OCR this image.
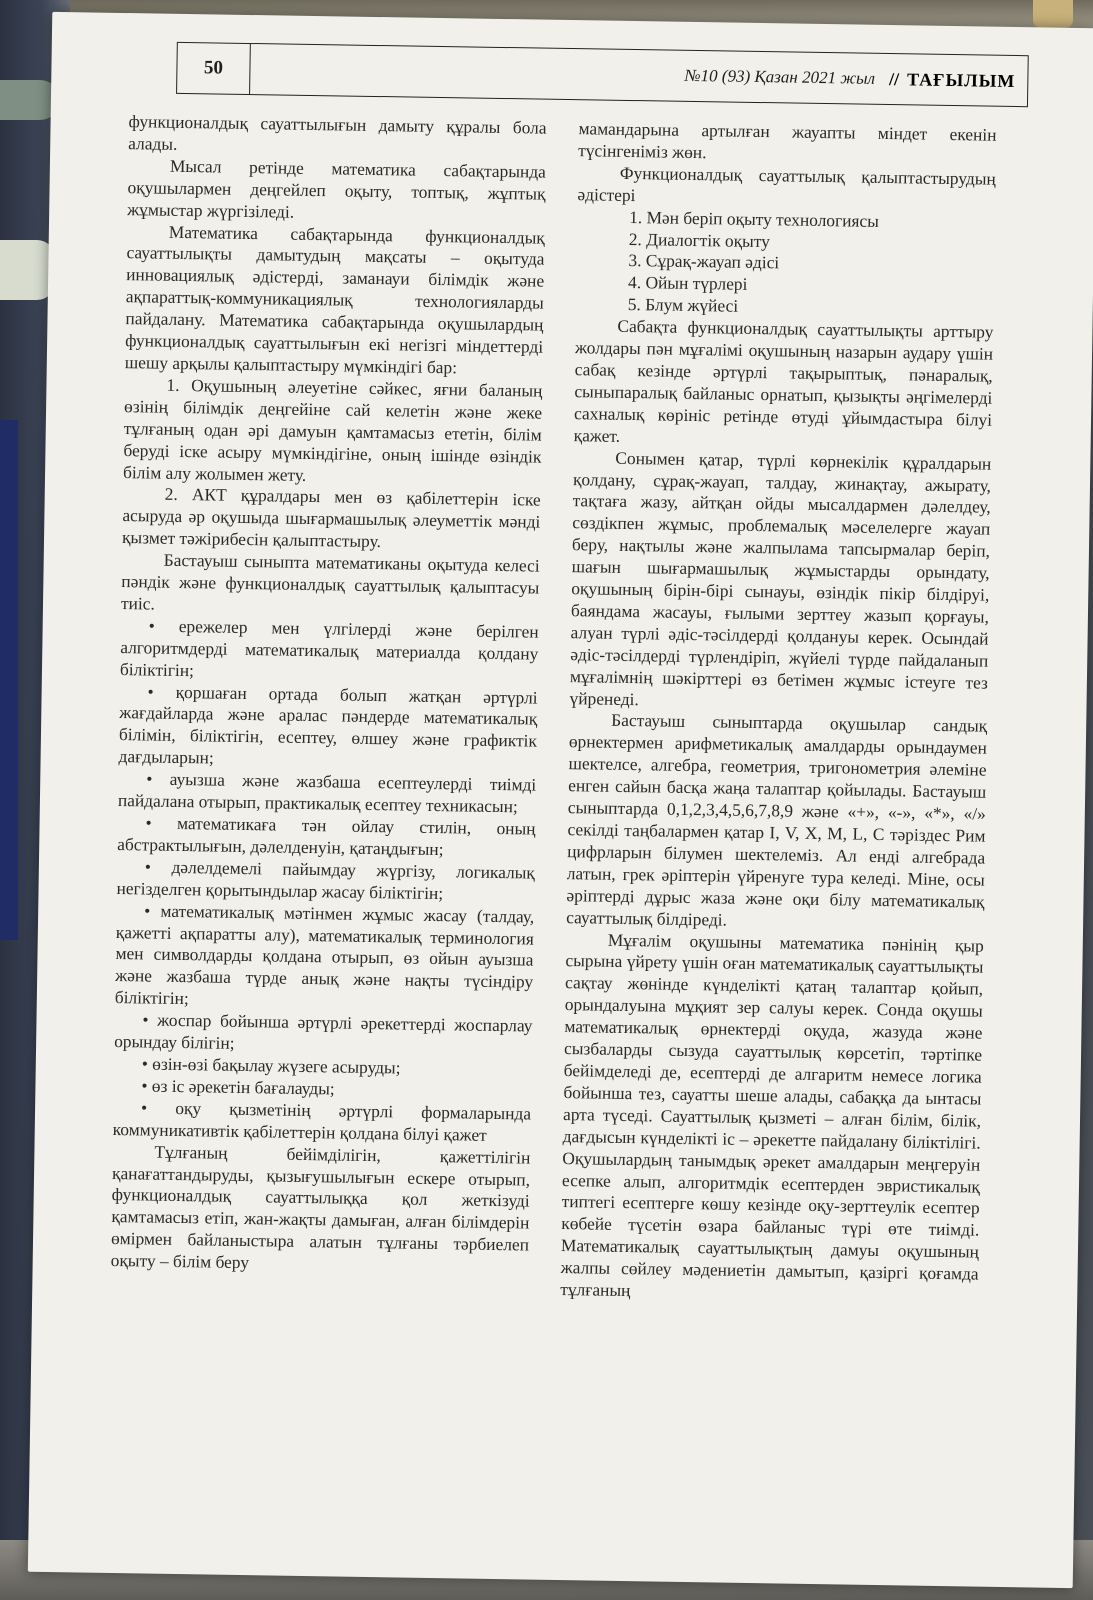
50	№10 (93) Қазан 2021 жыл // ТАҒЫЛЫМ

функционалдық сауаттылығын дамыту құралы бола алады.

Мысал ретінде математика сабақтарында оқушылармен деңгейлеп оқыту, топтық, жұптық жұмыстар жүргізіледі.

Математика сабақтарында функционалдық сауаттылықты дамытудың мақсаты – оқытуда инновациялық әдістерді, заманауи білімдік және ақпараттық-коммуникациялық технологияларды пайдалану. Математика сабақтарында оқушылардың функционалдық сауаттылығын екі негізгі міндеттерді шешу арқылы қалыптастыру мүмкіндігі бар:

1. Оқушының әлеуетіне сәйкес, яғни баланың өзінің білімдік деңгейіне сай келетін және жеке тұлғаның одан әрі дамуын қамтамасыз ететін, білім беруді іске асыру мүмкіндігіне, оның ішінде өзіндік білім алу жолымен жету.

2. АКТ құралдары мен өз қабілеттерін іске асыруда әр оқушыда шығармашылық әлеуметтік мәнді қызмет тәжірибесін қалыптастыру.

Бастауыш сыныпта математиканы оқытуда келесі пәндік және функционалдық сауаттылық қалыптасуы тиіс.

• ережелер мен үлгілерді және берілген алгоритмдерді математикалық материалда қолдану біліктігін;

• қоршаған ортада болып жатқан әртүрлі жағдайларда және аралас пәндерде математикалық білімін, біліктігін, есептеу, өлшеу және графиктік дағдыларын;

• ауызша және жазбаша есептеулерді тиімді пайдалана отырып, практикалық есептеу техникасын;

• математикаға тән ойлау стилін, оның абстрактылығын, дәлелденуін, қатаңдығын;

• дәлелдемелі пайымдау жүргізу, логикалық негізделген қорытындылар жасау біліктігін;

• математикалық мәтінмен жұмыс жасау (талдау, қажетті ақпаратты алу), математикалық терминология мен символдарды қолдана отырып, өз ойын ауызша және жазбаша түрде анық және нақты түсіндіру біліктігін;

• жоспар бойынша әртүрлі әрекеттерді жоспарлау орындау білігін;

• өзін-өзі бақылау жүзеге асыруды;

• өз іс әрекетін бағалауды;

• оқу қызметінің әртүрлі формаларында коммуникативтік қабілеттерін қолдана білуі қажет

Тұлғаның бейімділігін, қажеттілігін қанағаттандыруды, қызығушылығын ескере отырып, функционалдық сауаттылыққа қол жеткізуді қамтамасыз етіп, жан-жақты дамыған, алған білімдерін өмірмен байланыстыра алатын тұлғаны тәрбиелеп оқыту – білім беру

мамандарына артылған жауапты міндет екенін түсінгеніміз жөн.

Функционалдық сауаттылық қалыптастырудың әдістері

1. Мән беріп оқыту технологиясы

2. Диалогтік оқыту

3. Сұрақ-жауап әдісі

4. Ойын түрлері

5. Блум жүйесі

Сабақта функционалдық сауаттылықты арттыру жолдары пән мұғалімі оқушының назарын аудару үшін сабақ кезінде әртүрлі тақырыптық, пәнаралық, сыныпаралық байланыс орнатып, қызықты әңгімелерді сахналық көрініс ретінде өтуді ұйымдастыра білуі қажет.

Сонымен қатар, түрлі көрнекілік құралдарын қолдану, сұрақ-жауап, талдау, жинақтау, ажырату, тақтаға жазу, айтқан ойды мысалдармен дәлелдеу, сөздікпен жұмыс, проблемалық мәселелерге жауап беру, нақтылы және жалпылама тапсырмалар беріп, шағын шығармашылық жұмыстарды орындату, оқушының бірін-бірі сынауы, өзіндік пікір білдіруі, баяндама жасауы, ғылыми зерттеу жазып қорғауы, алуан түрлі әдіс-тәсілдерді қолдануы керек. Осындай әдіс-тәсілдерді түрлендіріп, жүйелі түрде пайдаланып мұғалімнің шәкірттері өз бетімен жұмыс істеуге тез үйренеді.

Бастауыш сыныптарда оқушылар сандық өрнектермен арифметикалық амалдарды орындаумен шектелсе, алгебра, геометрия, тригонометрия әлеміне енген сайын басқа жаңа талаптар қойылады. Бастауыш сыныптарда 0,1,2,3,4,5,6,7,8,9 және «+», «-», «*», «/» секілді таңбалармен қатар I, V, X, M, L, C тәріздес Рим цифрларын білумен шектелеміз. Ал енді алгебрада латын, грек әріптерін үйренуге тура келеді. Міне, осы әріптерді дұрыс жаза және оқи білу математикалық сауаттылық білдіреді.

Мұғалім оқушыны математика пәнінің қыр сырына үйрету үшін оған математикалық сауаттылықты сақтау жөнінде күнделікті қатаң талаптар қойып, орындалуына мұқият зер салуы керек. Сонда оқушы математикалық өрнектерді оқуда, жазуда және сызбаларды сызуда сауаттылық көрсетіп, тәртіпке бейімделеді де, есептерді де алгаритм немесе логика бойынша тез, сауатты шеше алады, сабаққа да ынтасы арта түседі. Сауаттылық қызметі – алған білім, білік, дағдысын күнделікті іс – әрекетте пайдалану біліктілігі. Оқушылардың танымдық әрекет амалдарын меңгеруін есепке алып, алгоритмдік есептерден эвристикалық типтегі есептерге көшу кезінде оқу-зерттеулік есептер көбейе түсетін өзара байланыс түрі өте тиімді. Математикалық сауаттылықтың дамуы оқушының жалпы сөйлеу мәдениетін дамытып, қазіргі қоғамда тұлғаның
